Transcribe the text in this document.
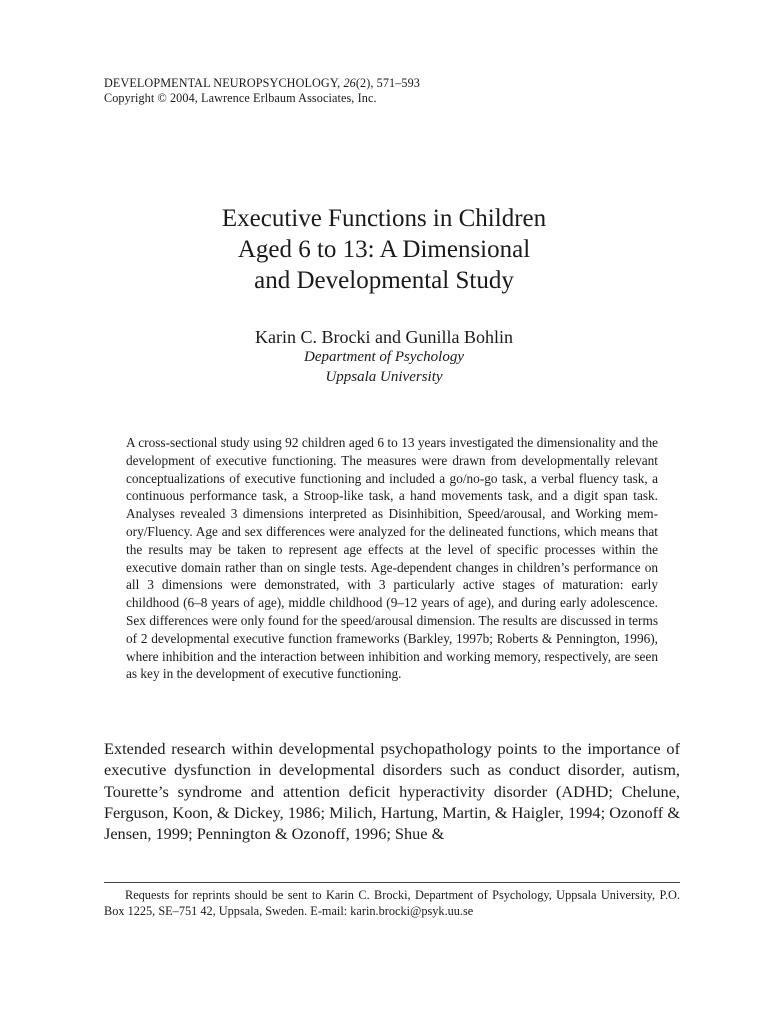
DEVELOPMENTAL NEUROPSYCHOLOGY, 26(2), 571–593
Copyright © 2004, Lawrence Erlbaum Associates, Inc.
Executive Functions in Children
Aged 6 to 13: A Dimensional
and Developmental Study
Karin C. Brocki and Gunilla Bohlin
Department of Psychology
Uppsala University
A cross-sectional study using 92 children aged 6 to 13 years investigated the dimensionality and the development of executive functioning. The measures were drawn from developmentally relevant conceptualizations of executive functioning and included a go/no-go task, a verbal fluency task, a continuous performance task, a Stroop-like task, a hand movements task, and a digit span task. Analyses revealed 3 dimensions interpreted as Disinhibition, Speed/arousal, and Working memory/Fluency. Age and sex differences were analyzed for the delineated functions, which means that the results may be taken to represent age effects at the level of specific processes within the executive domain rather than on single tests. Age-dependent changes in children’s performance on all 3 dimensions were demonstrated, with 3 particularly active stages of maturation: early childhood (6–8 years of age), middle childhood (9–12 years of age), and during early adolescence. Sex differences were only found for the speed/arousal dimension. The results are discussed in terms of 2 developmental executive function frameworks (Barkley, 1997b; Roberts & Pennington, 1996), where inhibition and the interaction between inhibition and working memory, respectively, are seen as key in the development of executive functioning.
Extended research within developmental psychopathology points to the importance of executive dysfunction in developmental disorders such as conduct disorder, autism, Tourette’s syndrome and attention deficit hyperactivity disorder (ADHD; Chelune, Ferguson, Koon, & Dickey, 1986; Milich, Hartung, Martin, & Haigler, 1994; Ozonoff & Jensen, 1999; Pennington & Ozonoff, 1996; Shue &
Requests for reprints should be sent to Karin C. Brocki, Department of Psychology, Uppsala University, P.O. Box 1225, SE–751 42, Uppsala, Sweden. E-mail: karin.brocki@psyk.uu.se
